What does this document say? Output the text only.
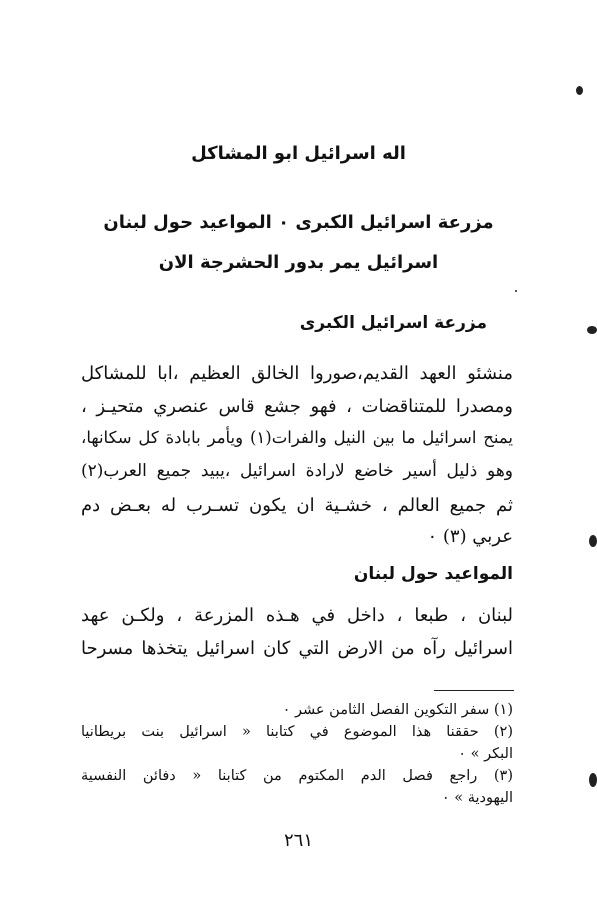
اله اسرائيل ابو المشاكل
مزرعة اسرائيل الكبرى ٠ المواعيد حول لبنان
اسرائيل يمر بدور الحشرجة الان
مزرعة اسرائيل الكبرى
منشئو العهد القديم،صوروا الخالق العظيم ،ابا للمشاكل
ومصدرا للمتناقضات ، فهو جشع قاس عنصري متحيـز ،
يمنح اسرائيل ما بين النيل والفرات(١) ويأمر بابادة كل سكانها،
وهو ذليل أسير خاضع لارادة اسرائيل ،يبيد جميع العرب(٢)
ثم جميع العالم ، خشـية ان يكون تسـرب له بعـض دم
عربي (٣) ٠
المواعيد حول لبنان
لبنان ، طبعا ، داخل في هـذه المزرعة ، ولكـن عهد
اسرائيل رآه من الارض التي كان اسرائيل يتخذها مسرحا
(١) سفر التكوين الفصل الثامن عشر ٠
(٢) حققنا هذا الموضوع في كتابنا « اسرائيل بنت بريطانيا
البكر » ٠
(٣) راجع فصل الدم المكتوم من كتابنا « دفائن النفسية
اليهودية » ٠
٢٦١
